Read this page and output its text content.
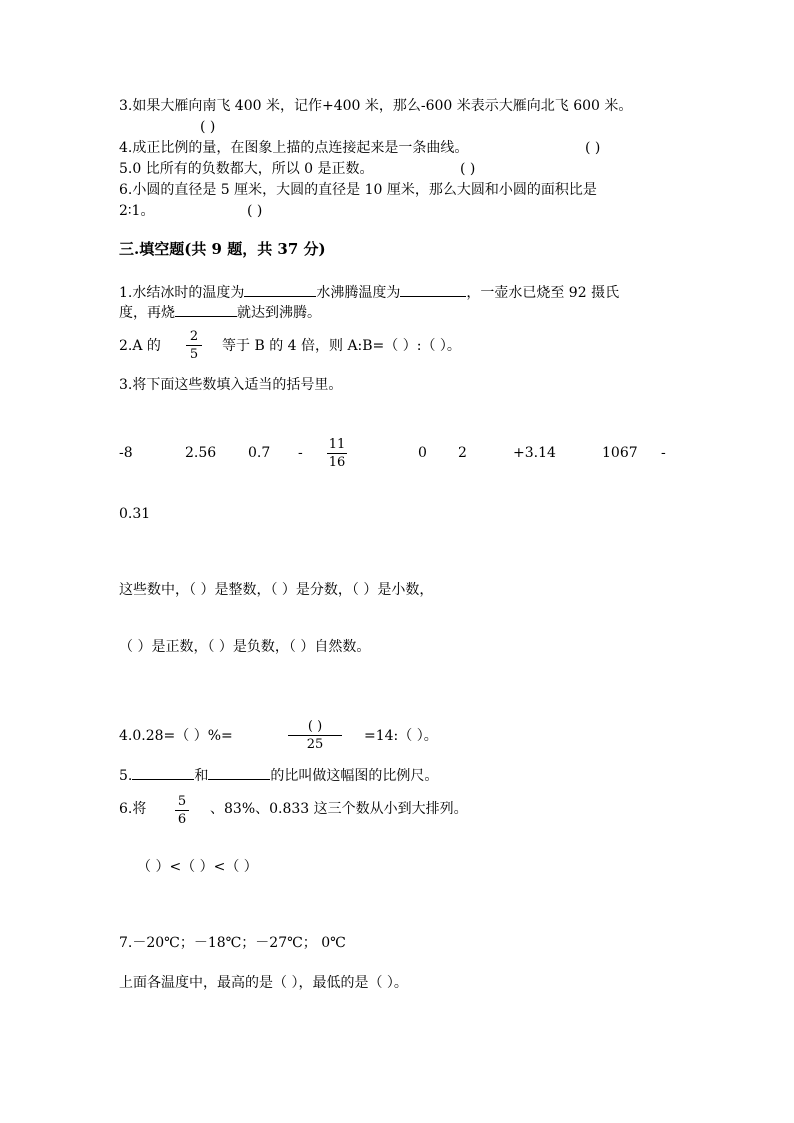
3.如果大雁向南飞 400 米，记作+400 米，那么-600 米表示大雁向北飞 600 米。
( )
4.成正比例的量，在图象上描的点连接起来是一条曲线。	( )
5.0 比所有的负数都大，所以 0 是正数。	( )
6.小圆的直径是 5 厘米，大圆的直径是 10 厘米，那么大圆和小圆的面积比是
2∶1。	( )
三.填空题(共 9 题，共 37 分)
1.水结冰时的温度为	水沸腾温度为	，一壶水已烧至 92 摄氏
度，再烧	就达到沸腾。
2.A 的
2
5
等于 B 的 4 倍，则 A:B=（ ）:（ ）。
3.将下面这些数填入适当的括号里。
-8	2.56 0.7 -
11
16
0 2	+3.14	1067 -
0.31
这些数中，（ ）是整数，（ ）是分数，（ ）是小数，
（ ）是正数，（ ）是负数，（ ）自然数。
4.0.28=（ ）%=
( )
25
=14:（ ）。
5.	和	的比叫做这幅图的比例尺。
6.将 5
6
、83%、0.833 这三个数从小到大排列。
（ ）<（ ）<（ ）
7.－20℃；－18℃；－27℃； 0℃
上面各温度中，最高的是（ ），最低的是（ ）。
